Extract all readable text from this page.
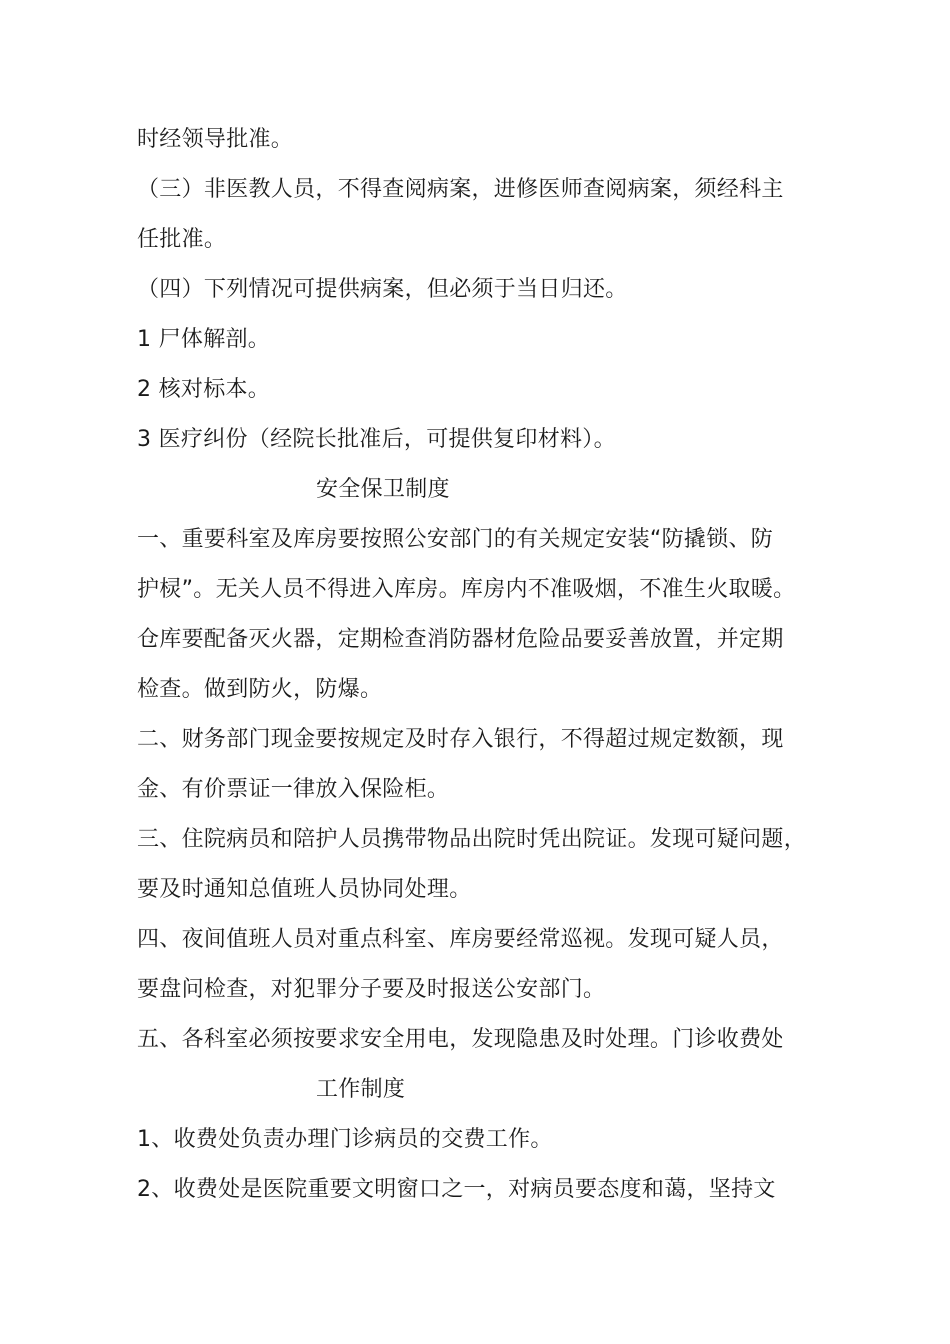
时经领导批准。
（三）非医教人员，不得查阅病案，进修医师查阅病案，须经科主
任批准。
（四）下列情况可提供病案，但必须于当日归还。
1 尸体解剖。
2 核对标本。
3 医疗纠份（经院长批准后，可提供复印材料）。
安全保卫制度
一、重要科室及库房要按照公安部门的有关规定安装“防撬锁、防
护棂”。无关人员不得进入库房。库房内不准吸烟，不准生火取暖。
仓库要配备灭火器，定期检查消防器材危险品要妥善放置，并定期
检查。做到防火，防爆。
二、财务部门现金要按规定及时存入银行，不得超过规定数额，现
金、有价票证一律放入保险柜。
三、住院病员和陪护人员携带物品出院时凭出院证。发现可疑问题，
要及时通知总值班人员协同处理。
四、夜间值班人员对重点科室、库房要经常巡视。发现可疑人员，
要盘问检查，对犯罪分子要及时报送公安部门。
五、各科室必须按要求安全用电，发现隐患及时处理。门诊收费处
工作制度
1、收费处负责办理门诊病员的交费工作。
2、收费处是医院重要文明窗口之一，对病员要态度和蔼，坚持文
